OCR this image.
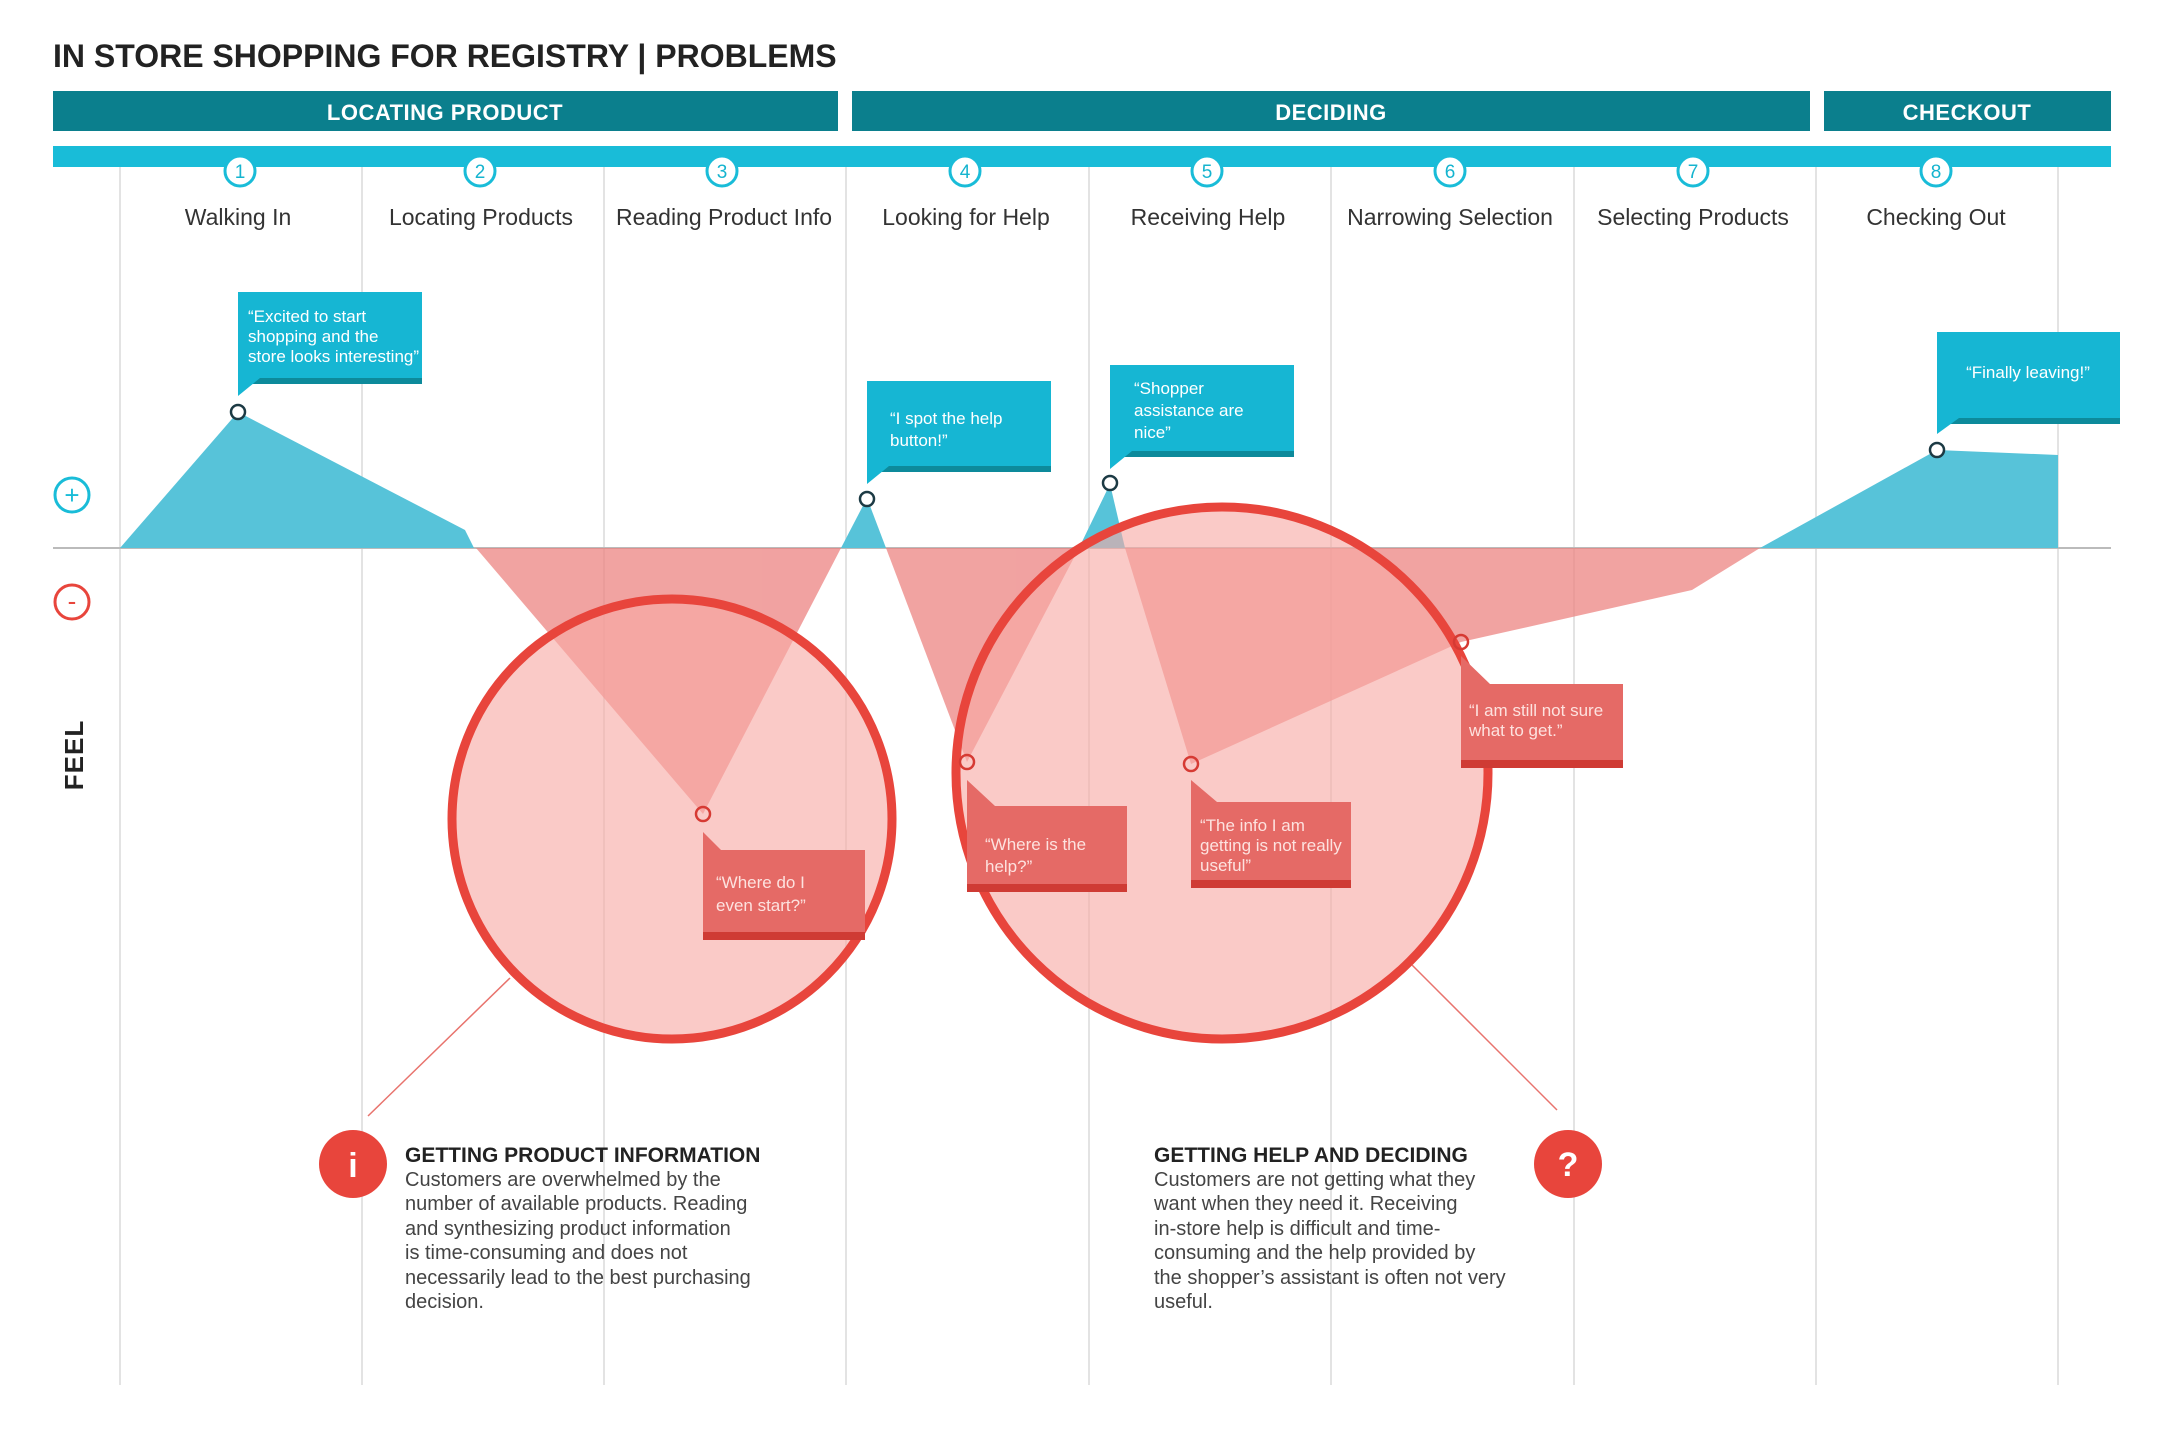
IN STORE SHOPPING FOR REGISTRY | PROBLEMS
LOCATING PRODUCT	DECIDING	CHECKOUT
1
Walking In
2
Locating Products
3
Reading Product Info
4
Looking for Help
5
Receiving Help
6
Narrowing Selection
7
Selecting Products
8
Checking Out
+
-
FEEL
“Excited to start
shopping and the
store looks interesting”
“I spot the help
button!”
“Shopper
assistance are
nice”
“Finally leaving!”
“Where do I
even start?”
“Where is the
help?”
“The info I am
getting is not really
useful”
“I am still not sure
what to get.”
i GETTING PRODUCT INFORMATION
Customers are overwhelmed by the
number of available products. Reading
and synthesizing product information
is time-consuming and does not
necessarily lead to the best purchasing
decision.
?
GETTING HELP AND DECIDING
Customers are not getting what they
want when they need it. Receiving
in-store help is difficult and time-
consuming and the help provided by
the shopper’s assistant is often not very
useful.
